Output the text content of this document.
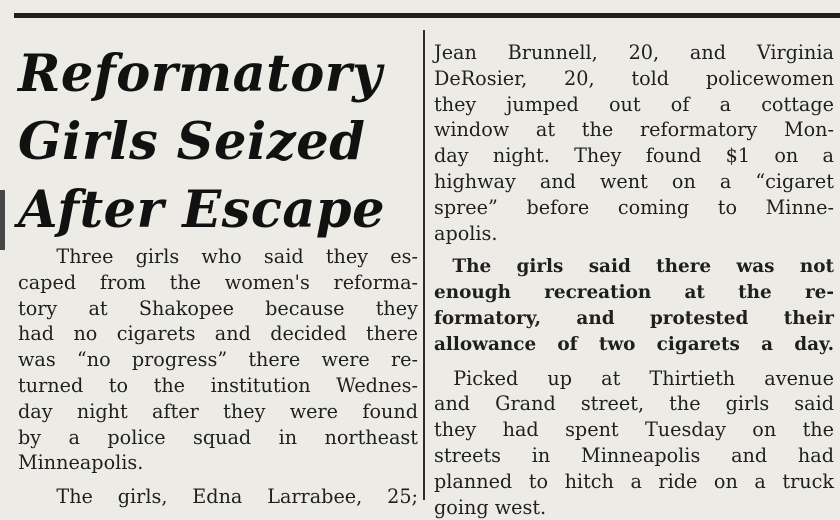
Reformatory
Girls Seized
After Escape
Three girls who said they es-
caped from the women's reforma-
tory at Shakopee because they
had no cigarets and decided there
was “no progress” there were re-
turned to the institution Wednes-
day night after they were found
by a police squad in northeast
Minneapolis.
The girls, Edna Larrabee, 25;
Jean Brunnell, 20, and Virginia
DeRosier, 20, told policewomen
they jumped out of a cottage
window at the reformatory Mon-
day night. They found $1 on a
highway and went on a “cigaret
spree” before coming to Minne-
apolis.
The girls said there was not
enough recreation at the re-
formatory, and protested their
allowance of two cigarets a day.
Picked up at Thirtieth avenue
and Grand street, the girls said
they had spent Tuesday on the
streets in Minneapolis and had
planned to hitch a ride on a truck
going west.
